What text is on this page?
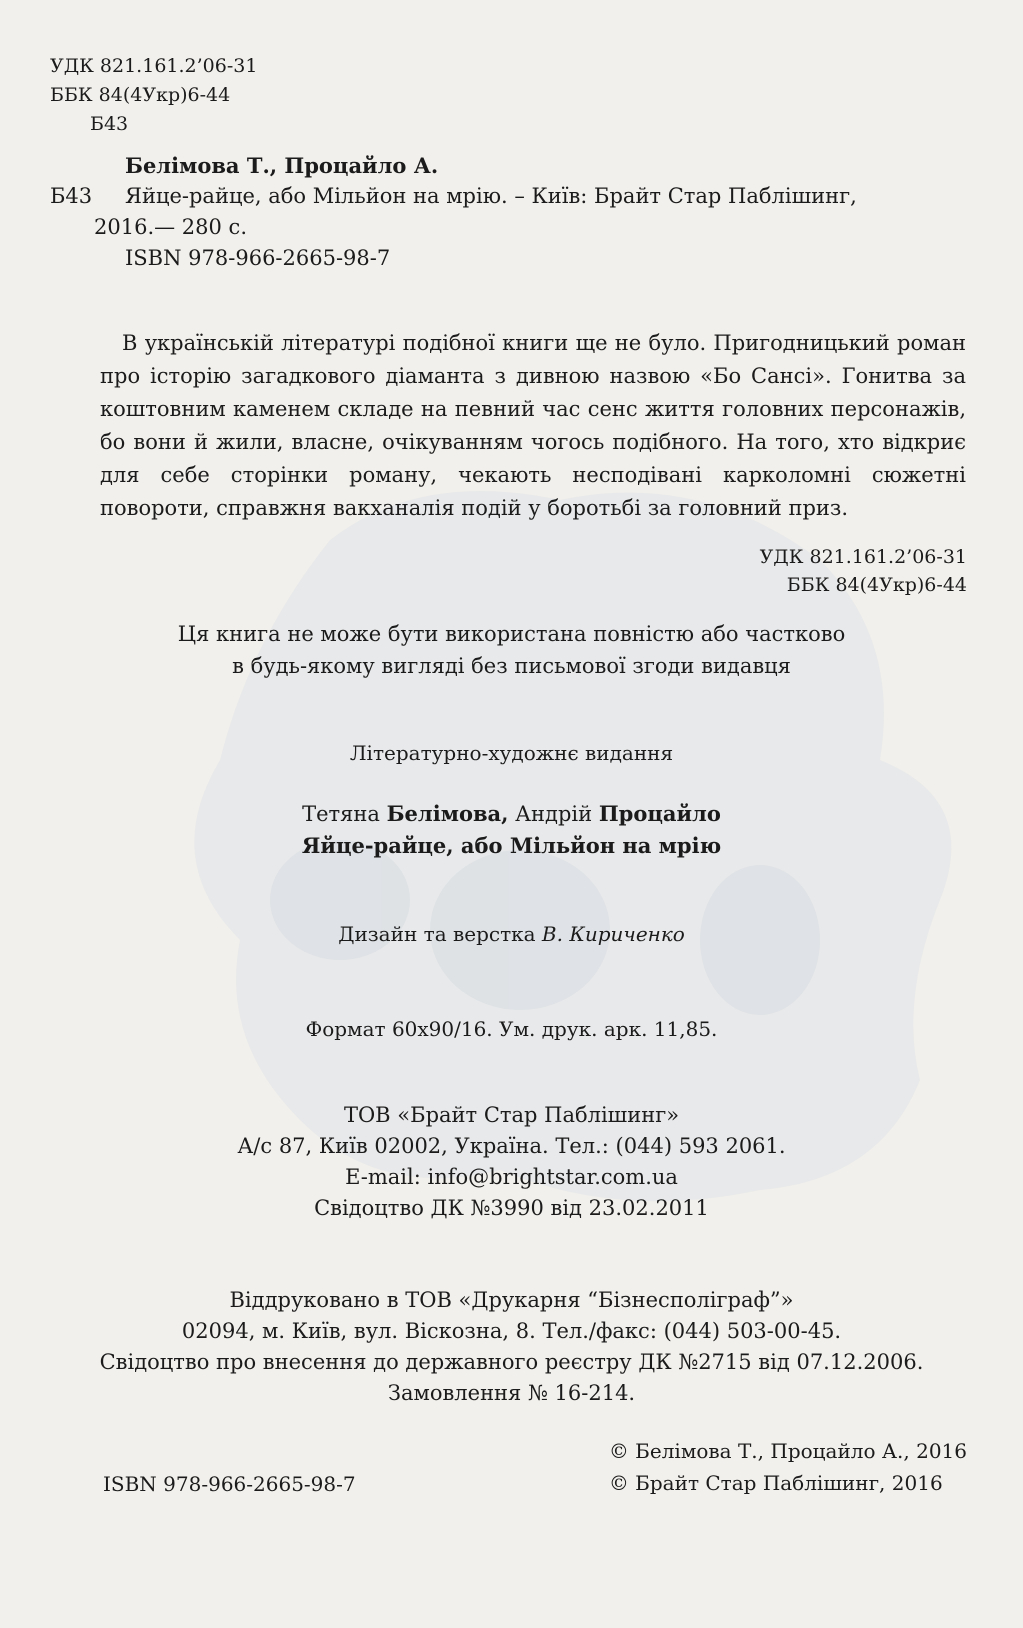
УДК 821.161.2’06-31
ББК 84(4Укр)6-44
Б43
Белімова Т., Процайло А.
Б43 Яйце-райце, або Мільйон на мрію. – Київ: Брайт Стар Паблішинг,
2016.— 280 с.
ISBN 978-966-2665-98-7
В українській літературі подібної книги ще не було. Пригодницький роман про історію загадкового діаманта з дивною назвою «Бо Сансі». Гонитва за коштовним каменем складе на певний час сенс життя головних персонажів, бо вони й жили, власне, очікуванням чогось подібного. На того, хто відкриє для себе сторінки роману, чекають несподівані карколомні сюжетні повороти, справжня вакханалія подій у боротьбі за головний приз.
УДК 821.161.2’06-31
ББК 84(4Укр)6-44
Ця книга не може бути використана повністю або частково
в будь-якому вигляді без письмової згоди видавця
Літературно-художнє видання
Тетяна Белімова, Андрій Процайло
Яйце-райце, або Мільйон на мрію
Дизайн та верстка В. Кириченко
Формат 60х90/16. Ум. друк. арк. 11,85.
ТОВ «Брайт Стар Паблішинг»
А/с 87, Київ 02002, Україна. Тел.: (044) 593 2061.
E-mail: info@brightstar.com.ua
Свідоцтво ДК №3990 від 23.02.2011
Віддруковано в ТОВ «Друкарня “Бізнесполіграф”»
02094, м. Київ, вул. Віскозна, 8. Тел./факс: (044) 503-00-45.
Свідоцтво про внесення до державного реєстру ДК №2715 від 07.12.2006.
Замовлення № 16-214.
© Белімова Т., Процайло А., 2016
© Брайт Стар Паблішинг, 2016
ISBN 978-966-2665-98-7
